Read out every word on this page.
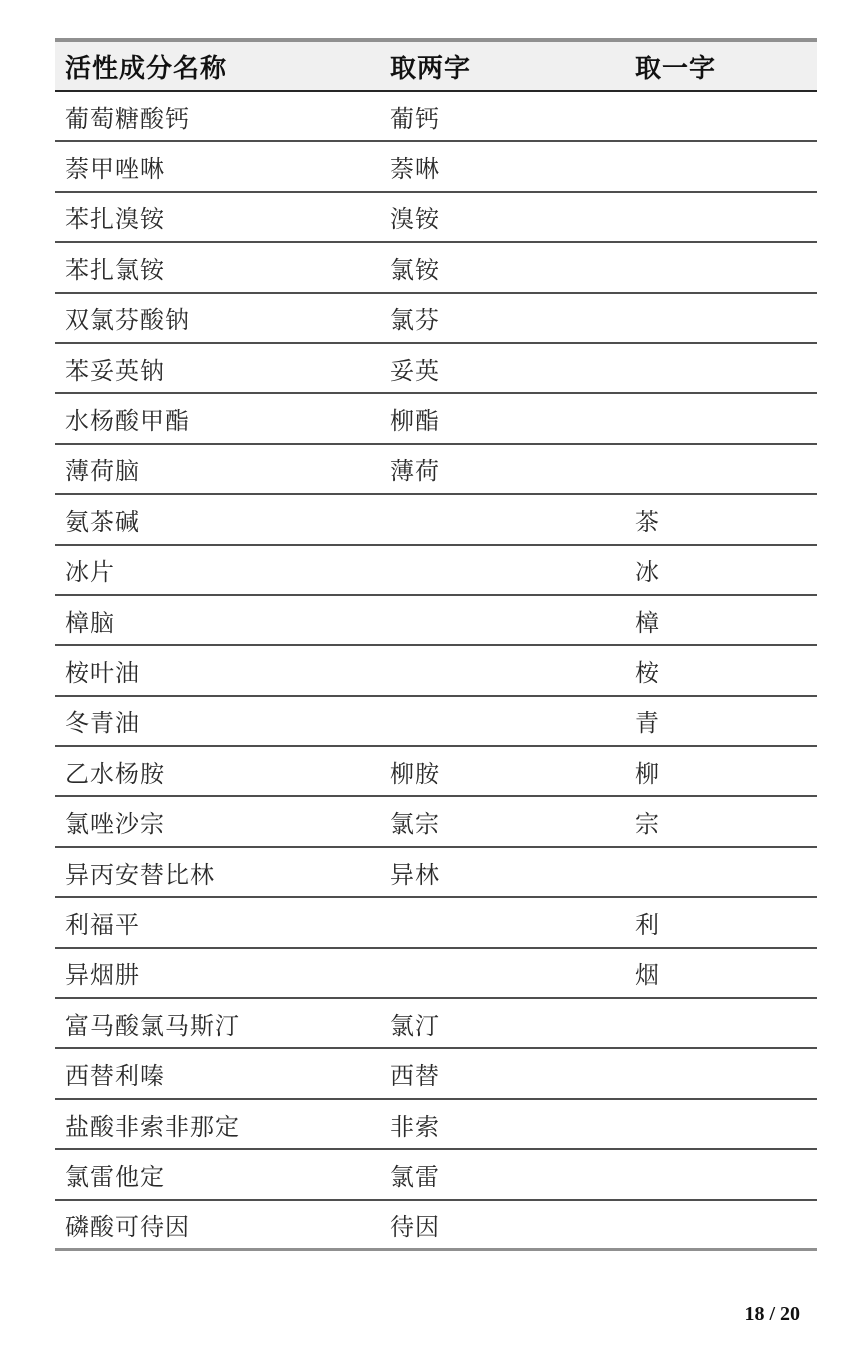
活性成分名称	取两字	取一字
葡萄糖酸钙	葡钙	
萘甲唑啉	萘啉	
苯扎溴铵	溴铵	
苯扎氯铵	氯铵	
双氯芬酸钠	氯芬	
苯妥英钠	妥英	
水杨酸甲酯	柳酯	
薄荷脑	薄荷	
氨茶碱		茶
冰片		冰
樟脑		樟
桉叶油		桉
冬青油		青
乙水杨胺	柳胺	柳
氯唑沙宗	氯宗	宗
异丙安替比林	异林	
利福平		利
异烟肼		烟
富马酸氯马斯汀	氯汀	
西替利嗪	西替	
盐酸非索非那定	非索	
氯雷他定	氯雷	
磷酸可待因	待因	
18 / 20
